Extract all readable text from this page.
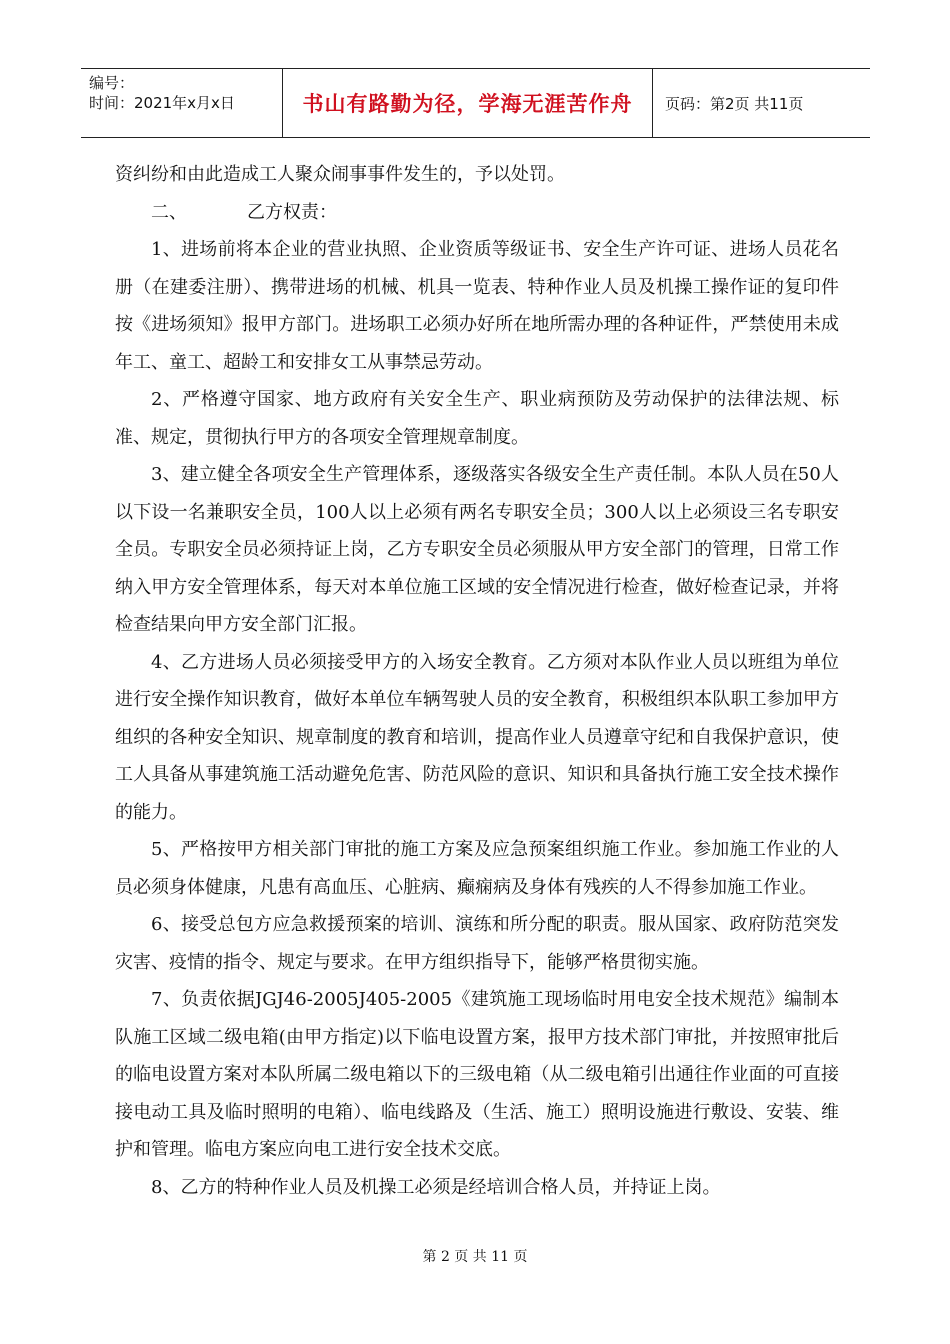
编号：
时间：2021年x月x日	书山有路勤为径，学海无涯苦作舟	页码：第2页 共11页

资纠纷和由此造成工人聚众闹事事件发生的，予以处罚。

二、	乙方权责：

1、进场前将本企业的营业执照、企业资质等级证书、安全生产许可证、进场人员花名册（在建委注册）、携带进场的机械、机具一览表、特种作业人员及机操工操作证的复印件按《进场须知》报甲方部门。进场职工必须办好所在地所需办理的各种证件，严禁使用未成年工、童工、超龄工和安排女工从事禁忌劳动。

2、严格遵守国家、地方政府有关安全生产、职业病预防及劳动保护的法律法规、标准、规定，贯彻执行甲方的各项安全管理规章制度。

3、建立健全各项安全生产管理体系，逐级落实各级安全生产责任制。本队人员在50人以下设一名兼职安全员，100人以上必须有两名专职安全员；300人以上必须设三名专职安全员。专职安全员必须持证上岗，乙方专职安全员必须服从甲方安全部门的管理，日常工作纳入甲方安全管理体系，每天对本单位施工区域的安全情况进行检查，做好检查记录，并将检查结果向甲方安全部门汇报。

4、乙方进场人员必须接受甲方的入场安全教育。乙方须对本队作业人员以班组为单位进行安全操作知识教育，做好本单位车辆驾驶人员的安全教育，积极组织本队职工参加甲方组织的各种安全知识、规章制度的教育和培训，提高作业人员遵章守纪和自我保护意识，使工人具备从事建筑施工活动避免危害、防范风险的意识、知识和具备执行施工安全技术操作的能力。

5、严格按甲方相关部门审批的施工方案及应急预案组织施工作业。参加施工作业的人员必须身体健康，凡患有高血压、心脏病、癫痫病及身体有残疾的人不得参加施工作业。

6、接受总包方应急救援预案的培训、演练和所分配的职责。服从国家、政府防范突发灾害、疫情的指令、规定与要求。在甲方组织指导下，能够严格贯彻实施。

7、负责依据JGJ46-2005J405-2005《建筑施工现场临时用电安全技术规范》编制本队施工区域二级电箱(由甲方指定)以下临电设置方案，报甲方技术部门审批，并按照审批后的临电设置方案对本队所属二级电箱以下的三级电箱（从二级电箱引出通往作业面的可直接接电动工具及临时照明的电箱）、临电线路及（生活、施工）照明设施进行敷设、安装、维护和管理。临电方案应向电工进行安全技术交底。

8、乙方的特种作业人员及机操工必须是经培训合格人员，并持证上岗。

第 2 页 共 11 页
